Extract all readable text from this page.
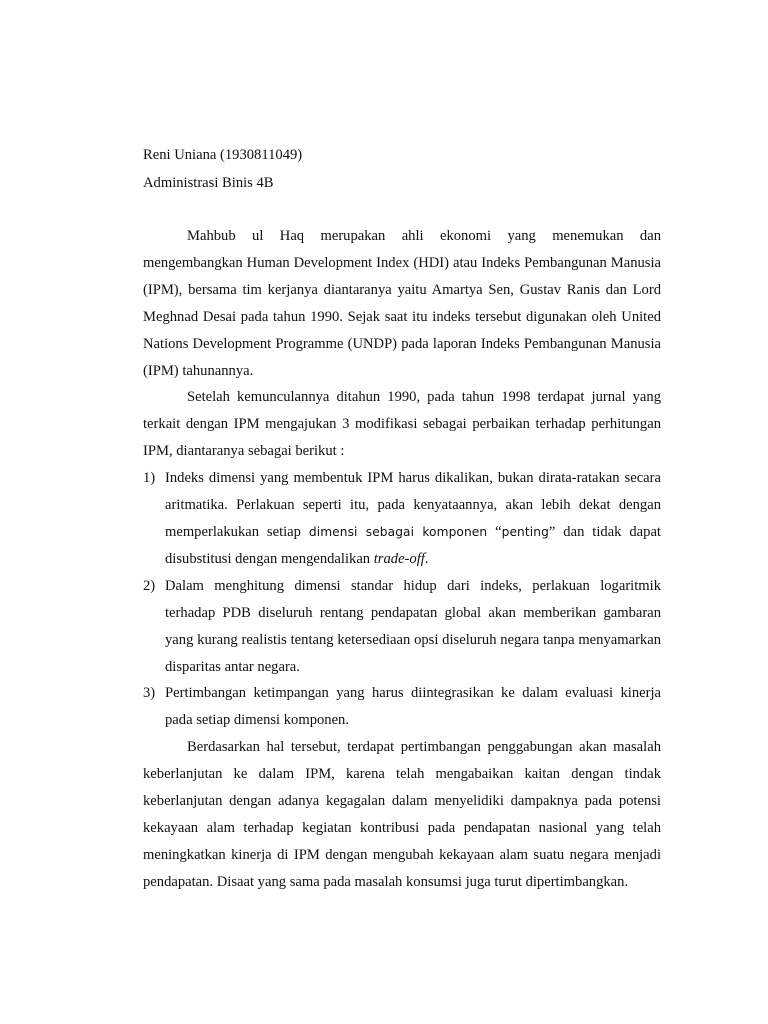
Reni Uniana (1930811049)

Administrasi Binis 4B

Mahbub ul Haq merupakan ahli ekonomi yang menemukan dan mengembangkan Human Development Index (HDI) atau Indeks Pembangunan Manusia (IPM), bersama tim kerjanya diantaranya yaitu Amartya Sen, Gustav Ranis dan Lord Meghnad Desai pada tahun 1990. Sejak saat itu indeks tersebut digunakan oleh United Nations Development Programme (UNDP) pada laporan Indeks Pembangunan Manusia (IPM) tahunannya.

Setelah kemunculannya ditahun 1990, pada tahun 1998 terdapat jurnal yang terkait dengan IPM mengajukan 3 modifikasi sebagai perbaikan terhadap perhitungan IPM, diantaranya sebagai berikut :

1) Indeks dimensi yang membentuk IPM harus dikalikan, bukan dirata-ratakan secara aritmatika. Perlakuan seperti itu, pada kenyataannya, akan lebih dekat dengan memperlakukan setiap dimensi sebagai komponen “penting” dan tidak dapat disubstitusi dengan mengendalikan trade-off.
2) Dalam menghitung dimensi standar hidup dari indeks, perlakuan logaritmik terhadap PDB diseluruh rentang pendapatan global akan memberikan gambaran yang kurang realistis tentang ketersediaan opsi diseluruh negara tanpa menyamarkan disparitas antar negara.
3) Pertimbangan ketimpangan yang harus diintegrasikan ke dalam evaluasi kinerja pada setiap dimensi komponen.

Berdasarkan hal tersebut, terdapat pertimbangan penggabungan akan masalah keberlanjutan ke dalam IPM, karena telah mengabaikan kaitan dengan tindak keberlanjutan dengan adanya kegagalan dalam menyelidiki dampaknya pada potensi kekayaan alam terhadap kegiatan kontribusi pada pendapatan nasional yang telah meningkatkan kinerja di IPM dengan mengubah kekayaan alam suatu negara menjadi pendapatan. Disaat yang sama pada masalah konsumsi juga turut dipertimbangkan.
